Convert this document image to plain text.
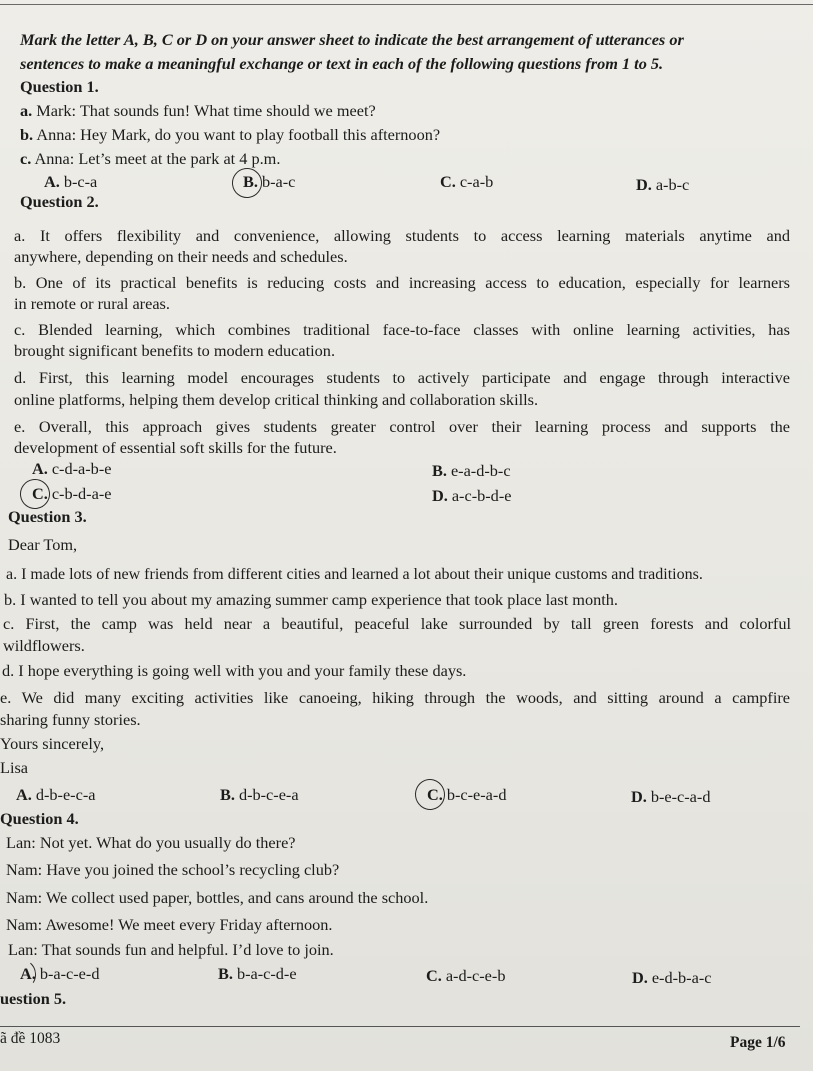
Mark the letter A, B, C or D on your answer sheet to indicate the best arrangement of utterances or
sentences to make a meaningful exchange or text in each of the following questions from 1 to 5.
Question 1.
a. Mark: That sounds fun! What time should we meet?
b. Anna: Hey Mark, do you want to play football this afternoon?
c. Anna: Let’s meet at the park at 4 p.m.
A. b-c-a	B. b-a-c	C. c-a-b	D. a-b-c
Question 2.
a. It offers flexibility and convenience, allowing students to access learning materials anytime and
anywhere, depending on their needs and schedules.
b. One of its practical benefits is reducing costs and increasing access to education, especially for learners
in remote or rural areas.
c. Blended learning, which combines traditional face-to-face classes with online learning activities, has
brought significant benefits to modern education.
d. First, this learning model encourages students to actively participate and engage through interactive
online platforms, helping them develop critical thinking and collaboration skills.
e. Overall, this approach gives students greater control over their learning process and supports the
development of essential soft skills for the future.
A. c-d-a-b-e	B. e-a-d-b-c
C. c-b-d-a-e	D. a-c-b-d-e
Question 3.
Dear Tom,
a. I made lots of new friends from different cities and learned a lot about their unique customs and traditions.
b. I wanted to tell you about my amazing summer camp experience that took place last month.
c. First, the camp was held near a beautiful, peaceful lake surrounded by tall green forests and colorful
wildflowers.
d. I hope everything is going well with you and your family these days.
e. We did many exciting activities like canoeing, hiking through the woods, and sitting around a campfire
sharing funny stories.
Yours sincerely,
Lisa
A. d-b-e-c-a	B. d-b-c-e-a	C. b-c-e-a-d	D. b-e-c-a-d
Question 4.
Lan: Not yet. What do you usually do there?
Nam: Have you joined the school’s recycling club?
Nam: We collect used paper, bottles, and cans around the school.
Nam: Awesome! We meet every Friday afternoon.
Lan: That sounds fun and helpful. I’d love to join.
A. b-a-c-e-d	B. b-a-c-d-e	C. a-d-c-e-b	D. e-d-b-a-c
uestion 5.
ã đề 1083	Page 1/6
